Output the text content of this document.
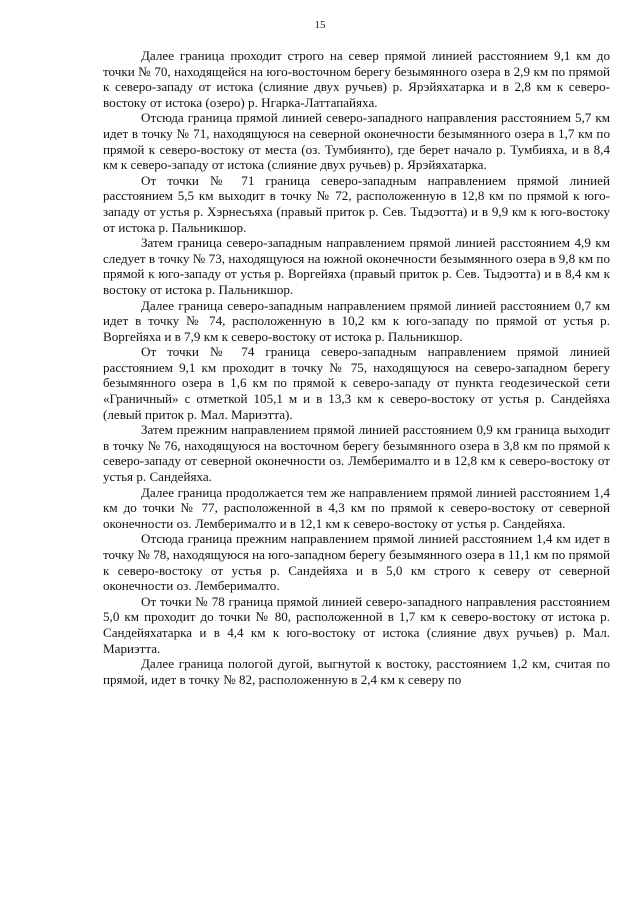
15

Далее граница проходит строго на север прямой линией расстоянием 9,1 км до точки № 70, находящейся на юго-восточном берегу безымянного озера в 2,9 км по прямой к северо-западу от истока (слияние двух ручьев) р. Ярэйяхатарка и в 2,8 км к северо-востоку от истока (озеро) р. Нгарка-Латтапайяха.

Отсюда граница прямой линией северо-западного направления расстоянием 5,7 км идет в точку № 71, находящуюся на северной оконечности безымянного озера в 1,7 км по прямой к северо-востоку от места (оз. Тумбиянто), где берет начало р. Тумбияха, и в 8,4 км к северо-западу от истока (слияние двух ручьев) р. Ярэйяхатарка.

От точки № 71 граница северо-западным направлением прямой линией расстоянием 5,5 км выходит в точку № 72, расположенную в 12,8 км по прямой к юго-западу от устья р. Хэрнесъяха (правый приток р. Сев. Тыдэотта) и в 9,9 км к юго-востоку от истока р. Пальникшор.

Затем граница северо-западным направлением прямой линией расстоянием 4,9 км следует в точку № 73, находящуюся на южной оконечности безымянного озера в 9,8 км по прямой к юго-западу от устья р. Воргейяха (правый приток р. Сев. Тыдэотта) и в 8,4 км к востоку от истока р. Пальникшор.

Далее граница северо-западным направлением прямой линией расстоянием 0,7 км идет в точку № 74, расположенную в 10,2 км к юго-западу по прямой от устья р. Воргейяха и в 7,9 км к северо-востоку от истока р. Пальникшор.

От точки № 74 граница северо-западным направлением прямой линией расстоянием 9,1 км проходит в точку № 75, находящуюся на северо-западном берегу безымянного озера в 1,6 км по прямой к северо-западу от пункта геодезической сети «Граничный» с отметкой 105,1 м и в 13,3 км к северо-востоку от устья р. Сандейяха (левый приток р. Мал. Мариэтта).

Затем прежним направлением прямой линией расстоянием 0,9 км граница выходит в точку № 76, находящуюся на восточном берегу безымянного озера в 3,8 км по прямой к северо-западу от северной оконечности оз. Лемберималто и в 12,8 км к северо-востоку от устья р. Сандейяха.

Далее граница продолжается тем же направлением прямой линией расстоянием 1,4 км до точки № 77, расположенной в 4,3 км по прямой к северо-востоку от северной оконечности оз. Лемберималто и в 12,1 км к северо-востоку от устья р. Сандейяха.

Отсюда граница прежним направлением прямой линией расстоянием 1,4 км идет в точку № 78, находящуюся на юго-западном берегу безымянного озера в 11,1 км по прямой к северо-востоку от устья р. Сандейяха и в 5,0 км строго к северу от северной оконечности оз. Лемберималто.

От точки № 78 граница прямой линией северо-западного направления расстоянием 5,0 км проходит до точки № 80, расположенной в 1,7 км к северо-востоку от истока р. Сандейяхатарка и в 4,4 км к юго-востоку от истока (слияние двух ручьев) р. Мал. Мариэтта.

Далее граница пологой дугой, выгнутой к востоку, расстоянием 1,2 км, считая по прямой, идет в точку № 82, расположенную в 2,4 км к северу по
